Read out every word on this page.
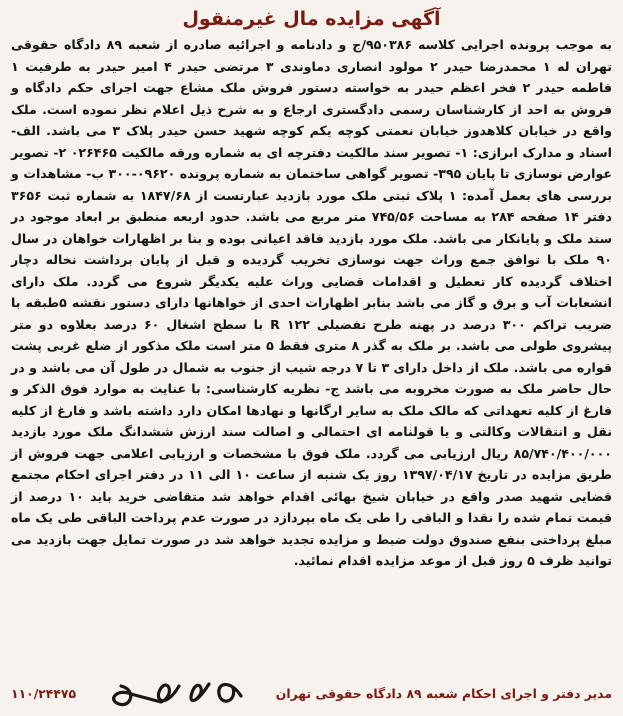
آگهی مزایده مال غیرمنقول

به موجب پرونده اجرایی کلاسه ۹۵۰۳۸۶/ج و دادنامه و اجرائیه صادره از شعبه ۸۹ دادگاه حقوقی تهران له ۱ محمدرضا حیدر ۲ مولود انصاری دماوندی ۳ مرتضی حیدر ۴ امیر حیدر به طرفیت ۱ فاطمه حیدر ۲ فخر اعظم حیدر به خواسته دستور فروش ملک مشاع جهت اجرای حکم دادگاه و فروش به احد از کارشناسان رسمی دادگستری ارجاع و به شرح ذیل اعلام نظر نموده است. ملک واقع در خیابان کلاهدوز خیابان نعمتی کوچه یکم کوچه شهید حسن حیدر پلاک ۳ می باشد. الف- اسناد و مدارک ابرازی: ۱- تصویر سند مالکیت دفترچه ای به شماره ورقه مالکیت ۰۲۶۴۶۵ ۲- تصویر عوارض نوسازی تا پایان ۳۹۵- تصویر گواهی ساختمان به شماره پرونده ۰۹۶۲۰-۳۰۰ ب- مشاهدات و بررسی های بعمل آمده: ۱ پلاک ثبتی ملک مورد بازدید عبارتست از ۱۸۴۷/۶۸ به شماره ثبت ۳۶۵۶ دفتر ۱۴ صفحه ۲۸۴ به مساحت ۷۴۵/۵۶ متر مربع می باشد. حدود اربعه منطبق بر ابعاد موجود در سند ملک و پایانکار می باشد. ملک مورد بازدید فاقد اعیانی بوده و بنا بر اظهارات خواهان در سال ۹۰ ملک با توافق جمع وراث جهت نوسازی تخریب گردیده و قبل از پایان برداشت نخاله دچار اختلاف گردیده کار تعطیل و اقدامات قضایی وراث علیه یکدیگر شروع می گردد. ملک دارای انشعابات آب و برق و گاز می باشد بنابر اظهارات احدی از خواهانها دارای دستور نقشه ۵طبقه با ضریب تراکم ۳۰۰ درصد در پهنه طرح تفضیلی R ۱۲۲ با سطح اشغال ۶۰ درصد بعلاوه دو متر پیشروی طولی می باشد. بر ملک به گذر ۸ متری فقط ۵ متر است ملک مذکور از ضلع غربی پشت قواره می باشد. ملک از داخل دارای ۳ تا ۷ درجه شیب از جنوب به شمال در طول آن می باشد و در حال حاضر ملک به صورت مخروبه می باشد ج- نظریه کارشناسی: با عنایت به موارد فوق الذکر و فارغ از کلیه تعهداتی که مالک ملک به سایر ارگانها و نهادها امکان دارد داشته باشد و فارغ از کلیه نقل و انتقالات وکالتی و یا قولنامه ای احتمالی و اصالت سند ارزش ششدانگ ملک مورد بازدید ۸۵/۷۴۰/۴۰۰/۰۰۰ ریال ارزیابی می گردد. ملک فوق با مشخصات و ارزیابی اعلامی جهت فروش از طریق مزایده در تاریخ ۱۳۹۷/۰۴/۱۷ روز یک شنبه از ساعت ۱۰ الی ۱۱ در دفتر اجرای احکام مجتمع قضایی شهید صدر واقع در خیابان شیخ بهائی اقدام خواهد شد متقاضی خرید باید ۱۰ درصد از قیمت تمام شده را نقدا و الباقی را طی یک ماه بپردازد در صورت عدم پرداخت الباقی طی یک ماه مبلغ پرداختی بنفع صندوق دولت ضبط و مزایده تجدید خواهد شد در صورت تمایل جهت بازدید می توانید ظرف ۵ روز قبل از موعد مزایده اقدام نمائید.

مدیر دفتر و اجرای احکام شعبه ۸۹ دادگاه حقوقی تهران
۱۱۰/۲۴۴۷۵
